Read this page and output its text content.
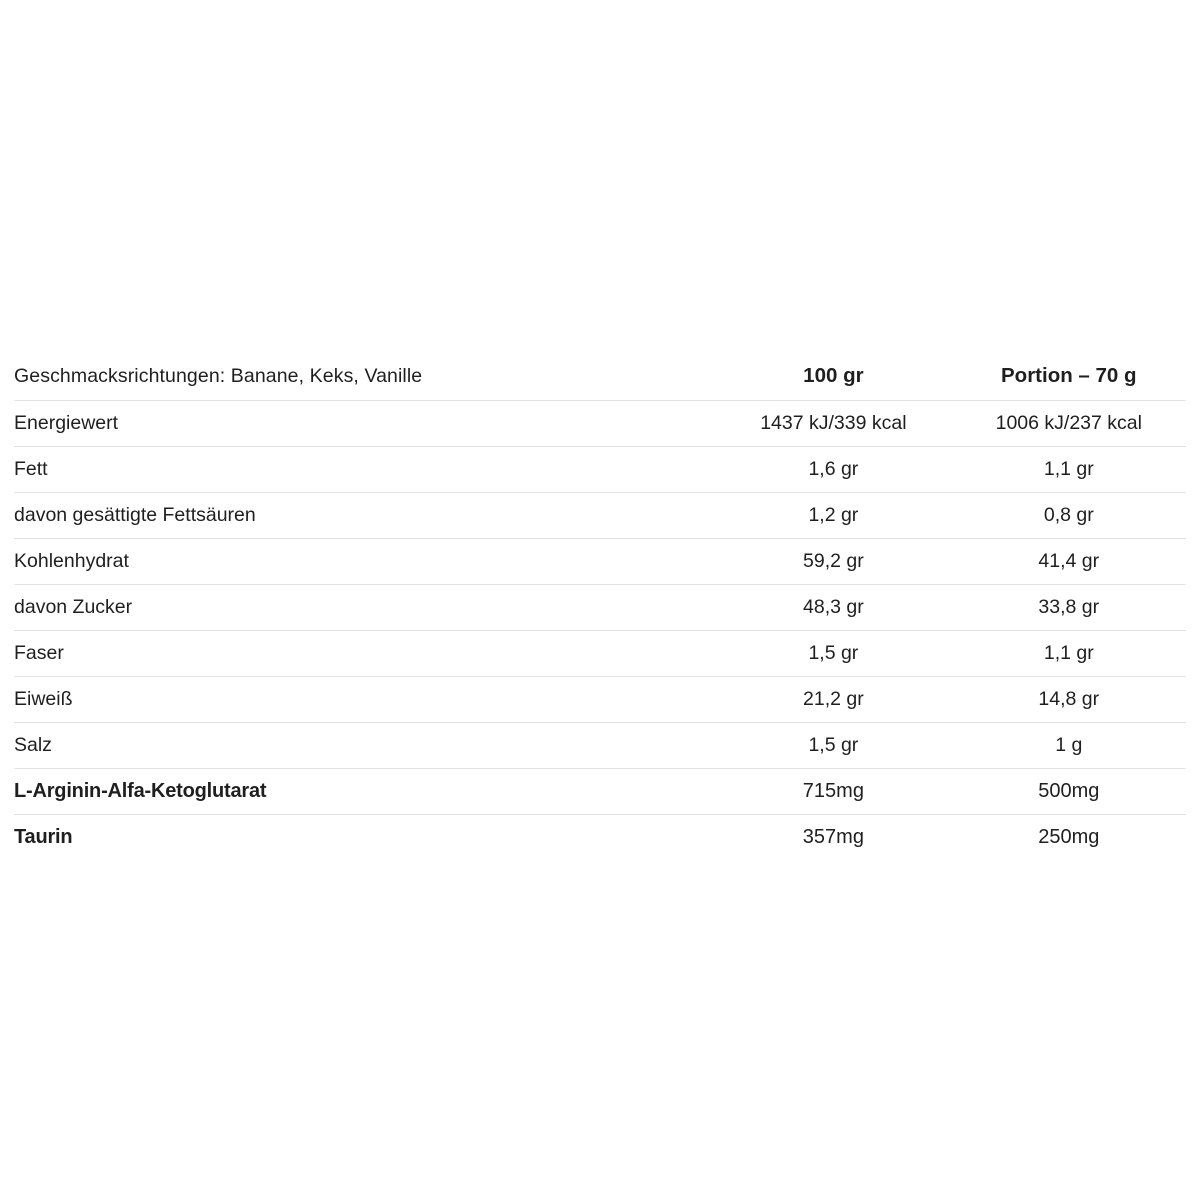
Geschmacksrichtungen: Banane, Keks, Vanille	100 gr	Portion – 70 g
Energiewert	1437 kJ/339 kcal	1006 kJ/237 kcal
Fett	1,6 gr	1,1 gr
davon gesättigte Fettsäuren	1,2 gr	0,8 gr
Kohlenhydrat	59,2 gr	41,4 gr
davon Zucker	48,3 gr	33,8 gr
Faser	1,5 gr	1,1 gr
Eiweiß	21,2 gr	14,8 gr
Salz	1,5 gr	1 g
L-Arginin-Alfa-Ketoglutarat	715mg	500mg
Taurin	357mg	250mg
